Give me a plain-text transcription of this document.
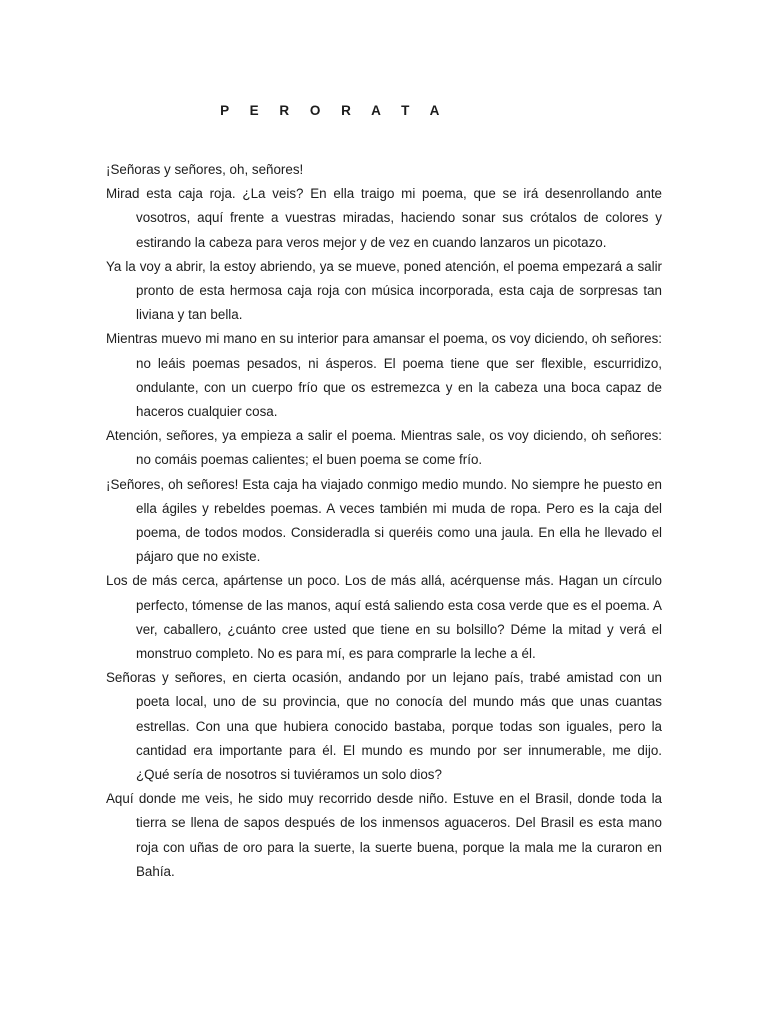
P E R O R A T A

¡Señoras y señores, oh, señores!

Mirad esta caja roja. ¿La veis? En ella traigo mi poema, que se irá desenrollando ante vosotros, aquí frente a vuestras miradas, haciendo sonar sus crótalos de colores y estirando la cabeza para veros mejor y de vez en cuando lanzaros un picotazo.

Ya la voy a abrir, la estoy abriendo, ya se mueve, poned atención, el poema empezará a salir pronto de esta hermosa caja roja con música incorporada, esta caja de sorpresas tan liviana y tan bella.

Mientras muevo mi mano en su interior para amansar el poema, os voy diciendo, oh señores: no leáis poemas pesados, ni ásperos. El poema tiene que ser flexible, escurridizo, ondulante, con un cuerpo frío que os estremezca y en la cabeza una boca capaz de haceros cualquier cosa.

Atención, señores, ya empieza a salir el poema. Mientras sale, os voy diciendo, oh señores: no comáis poemas calientes; el buen poema se come frío.

¡Señores, oh señores! Esta caja ha viajado conmigo medio mundo. No siempre he puesto en ella ágiles y rebeldes poemas. A veces también mi muda de ropa. Pero es la caja del poema, de todos modos. Consideradla si queréis como una jaula. En ella he llevado el pájaro que no existe.

Los de más cerca, apártense un poco. Los de más allá, acérquense más. Hagan un círculo perfecto, tómense de las manos, aquí está saliendo esta cosa verde que es el poema. A ver, caballero, ¿cuánto cree usted que tiene en su bolsillo? Déme la mitad y verá el monstruo completo. No es para mí, es para comprarle la leche a él.

Señoras y señores, en cierta ocasión, andando por un lejano país, trabé amistad con un poeta local, uno de su provincia, que no conocía del mundo más que unas cuantas estrellas. Con una que hubiera conocido bastaba, porque todas son iguales, pero la cantidad era importante para él. El mundo es mundo por ser innumerable, me dijo. ¿Qué sería de nosotros si tuviéramos un solo dios?

Aquí donde me veis, he sido muy recorrido desde niño. Estuve en el Brasil, donde toda la tierra se llena de sapos después de los inmensos aguaceros. Del Brasil es esta mano roja con uñas de oro para la suerte, la suerte buena, porque la mala me la curaron en Bahía.
